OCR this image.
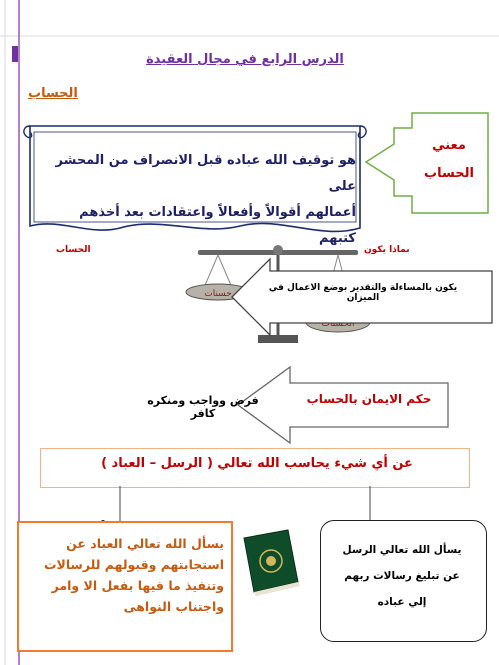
الدرس الرابع في مجال العقيدة
الحساب
هو توقيف الله عباده قبل الانصراف من المحشر على
أعمالهم أقوالاً وأفعالاً واعتقادات بعد أخذهم كتبهم
معني
الحساب
بماذا يكون
الحساب
حسنات
الحسنات
يكون بالمساءلة والتقدير بوضع الاعمال في الميزان
حكم الايمان بالحساب
فرض وواجب ومنكره كافر
عن أي شيء يحاسب الله تعالي ( الرسل – العباد )
يسأل الله تعالي العباد عن
استجابتهم وقبولهم للرسالات
وتنفيذ ما فيها بفعل الا وامر
واجتناب النواهى
يسأل الله تعالي الرسل
عن تبليغ رسالات ربهم
إلي عباده
